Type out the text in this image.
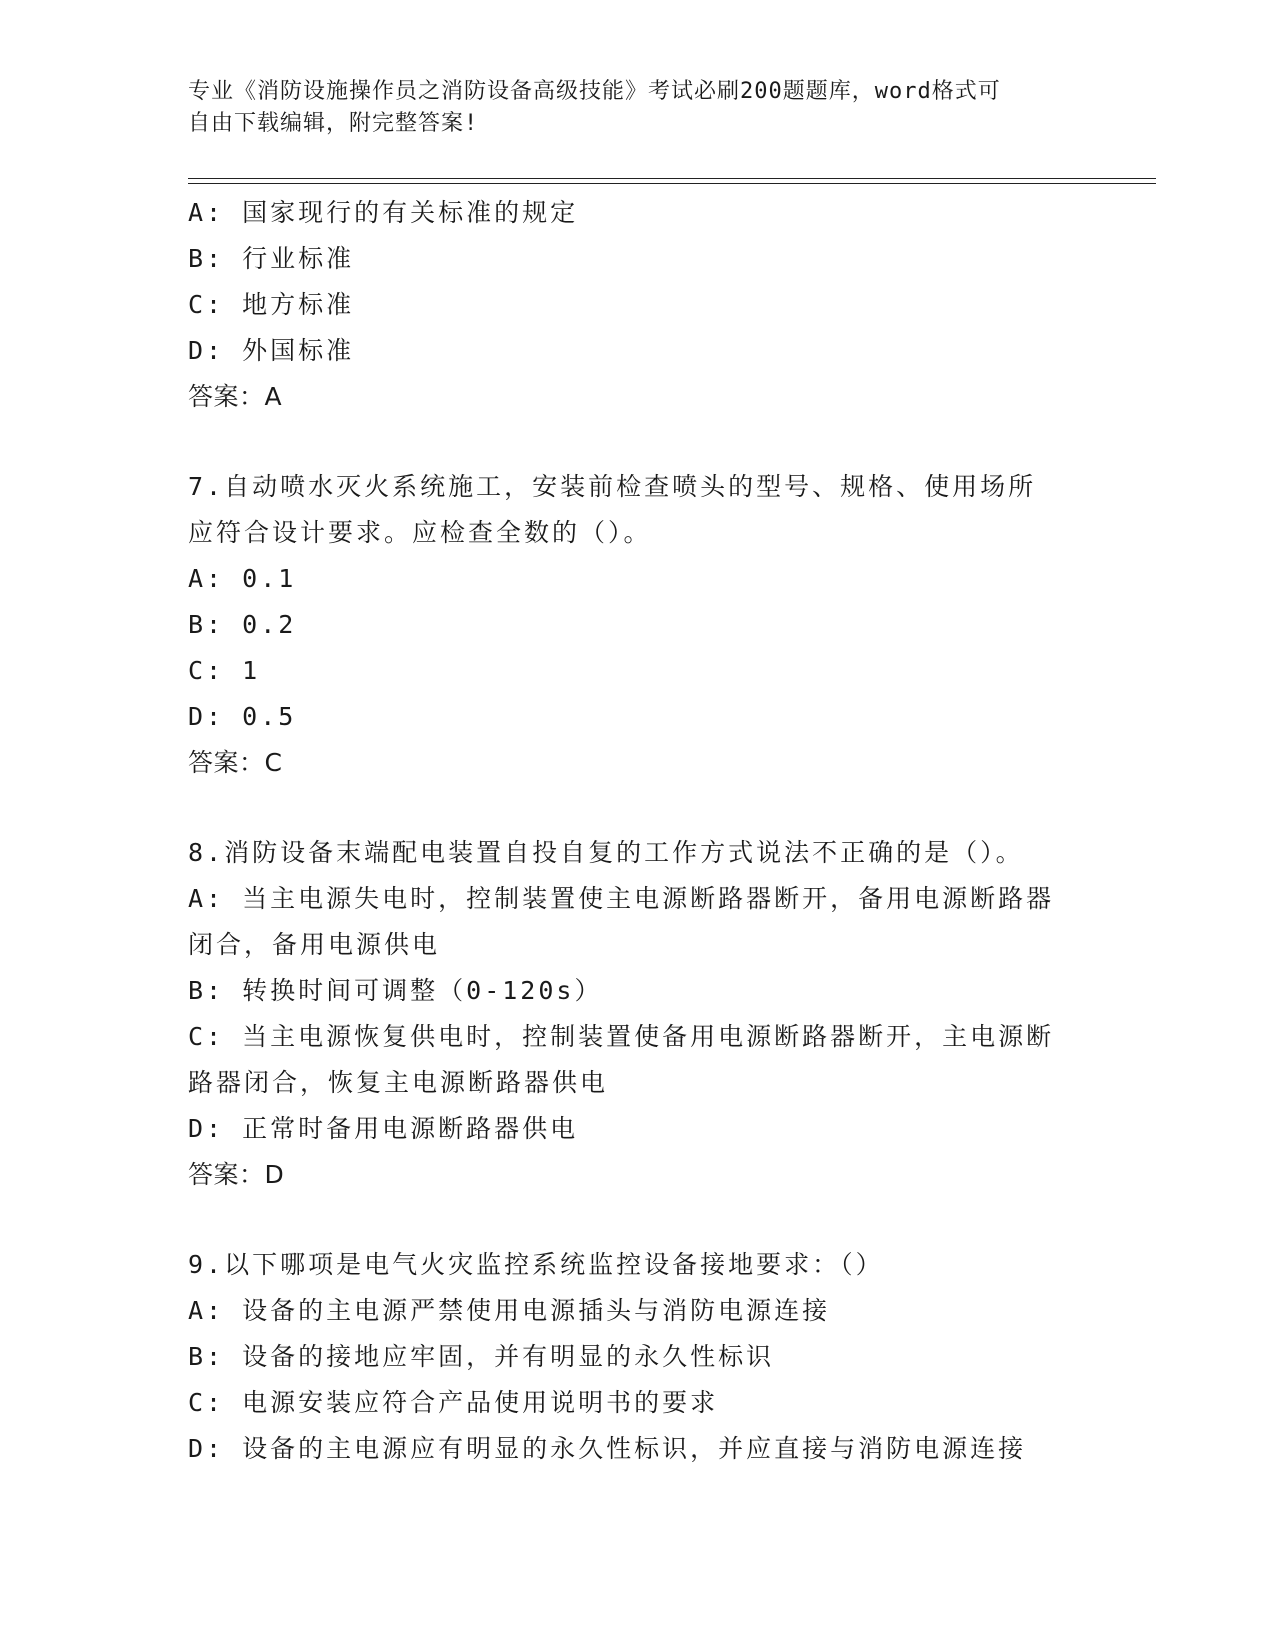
专业《消防设施操作员之消防设备高级技能》考试必刷200题题库，word格式可

自由下载编辑，附完整答案!

A: 国家现行的有关标准的规定

B: 行业标准

C: 地方标准

D: 外国标准

答案：A

7.自动喷水灭火系统施工，安装前检查喷头的型号、规格、使用场所

应符合设计要求。应检查全数的（）。

A: 0.1

B: 0.2

C: 1

D: 0.5

答案：C

8.消防设备末端配电装置自投自复的工作方式说法不正确的是（）。

A: 当主电源失电时，控制装置使主电源断路器断开，备用电源断路器

闭合，备用电源供电

B: 转换时间可调整（0-120s）

C: 当主电源恢复供电时，控制装置使备用电源断路器断开，主电源断

路器闭合，恢复主电源断路器供电

D: 正常时备用电源断路器供电

答案：D

9.以下哪项是电气火灾监控系统监控设备接地要求：（）

A: 设备的主电源严禁使用电源插头与消防电源连接

B: 设备的接地应牢固，并有明显的永久性标识

C: 电源安装应符合产品使用说明书的要求

D: 设备的主电源应有明显的永久性标识，并应直接与消防电源连接
